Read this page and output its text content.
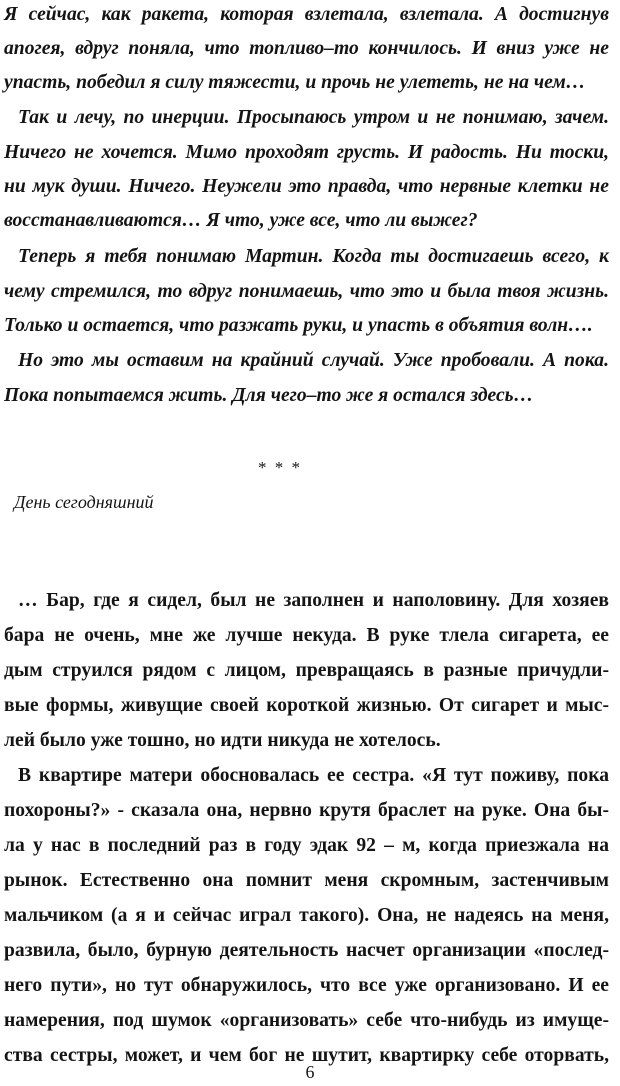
Я сейчас, как ракета, которая взлетала, взлетала. А достигнув
апогея, вдруг поняла, что топливо–то кончилось. И вниз уже не
упасть, победил я силу тяжести, и прочь не улететь, не на чем…
Так и лечу, по инерции. Просыпаюсь утром и не понимаю, зачем.
Ничего не хочется. Мимо проходят грусть. И радость. Ни тоски,
ни мук души. Ничего. Неужели это правда, что нервные клетки не
восстанавливаются… Я что, уже все, что ли выжег?
Теперь я тебя понимаю Мартин. Когда ты достигаешь всего, к
чему стремился, то вдруг понимаешь, что это и была твоя жизнь.
Только и остается, что разжать руки, и упасть в объятия волн….
Но это мы оставим на крайний случай. Уже пробовали. А пока.
Пока попытаемся жить. Для чего–то же я остался здесь…
* * *
День сегодняшний
… Бар, где я сидел, был не заполнен и наполовину. Для хозяев
бара не очень, мне же лучше некуда. В руке тлела сигарета, ее
дым струился рядом с лицом, превращаясь в разные причудли-
вые формы, живущие своей короткой жизнью. От сигарет и мыс-
лей было уже тошно, но идти никуда не хотелось.
В квартире матери обосновалась ее сестра. «Я тут поживу, пока
похороны?» - сказала она, нервно крутя браслет на руке. Она бы-
ла у нас в последний раз в году эдак 92 – м, когда приезжала на
рынок. Естественно она помнит меня скромным, застенчивым
мальчиком (а я и сейчас играл такого). Она, не надеясь на меня,
развила, было, бурную деятельность насчет организации «послед-
него пути», но тут обнаружилось, что все уже организовано. И ее
намерения, под шумок «организовать» себе что-нибудь из имуще-
ства сестры, может, и чем бог не шутит, квартирку себе оторвать,
6
